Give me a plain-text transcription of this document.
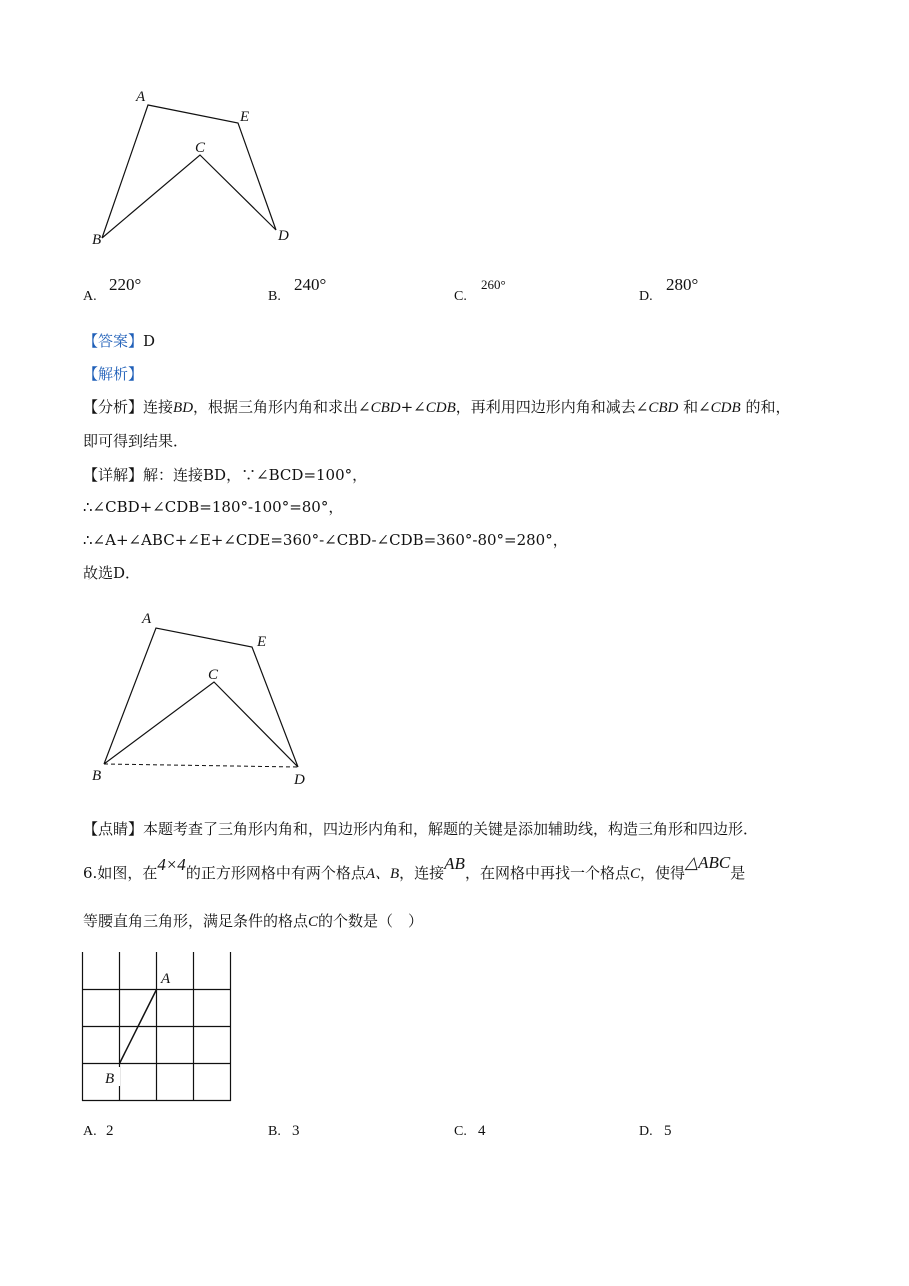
A
E
C
B	D
A.
220°
B.
240°
C.
260°
D.
280°
【答案】D
【解析】
【分析】连接BD，根据三角形内角和求出∠CBD+∠CDB，再利用四边形内角和减去∠CBD 和∠CDB 的和，
即可得到结果．
【详解】解：连接BD，∵∠BCD=100°，
∴∠CBD+∠CDB=180°-100°=80°，
∴∠A+∠ABC+∠E+∠CDE=360°-∠CBD-∠CDB=360°-80°=280°，
故选D．
A
E
C
B	D
【点睛】本题考查了三角形内角和，四边形内角和，解题的关键是添加辅助线，构造三角形和四边形．
6.如图，在4×4的正方形网格中有两个格点A、B，连接AB，在网格中再找一个格点C，使得△ABC是
等腰直角三角形，满足条件的格点C的个数是（　）
A
B
A. 2	B. 3	C. 4	D. 5
